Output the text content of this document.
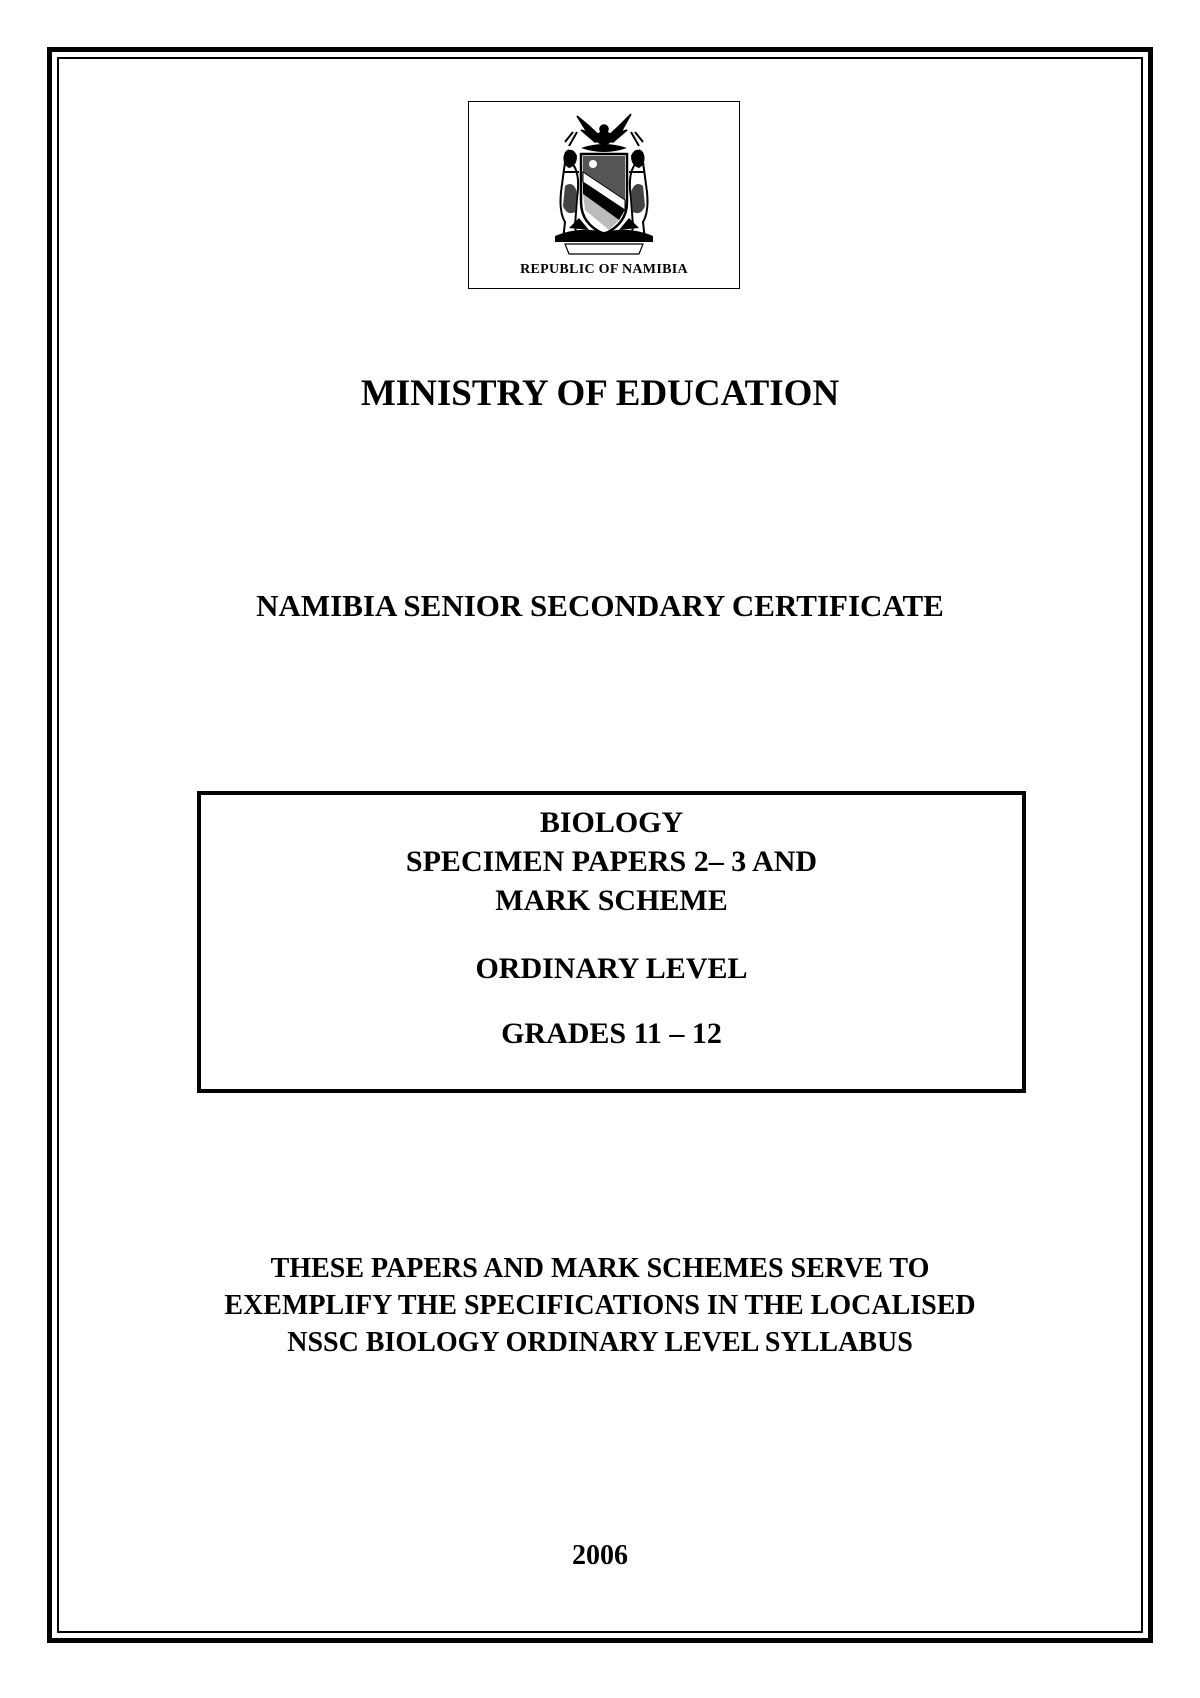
REPUBLIC OF NAMIBIA
MINISTRY OF EDUCATION
NAMIBIA SENIOR SECONDARY CERTIFICATE
BIOLOGY
SPECIMEN PAPERS 2– 3 AND
MARK SCHEME
ORDINARY LEVEL
GRADES 11 – 12
THESE PAPERS AND MARK SCHEMES SERVE TO
EXEMPLIFY THE SPECIFICATIONS IN THE LOCALISED
NSSC BIOLOGY ORDINARY LEVEL SYLLABUS
2006
